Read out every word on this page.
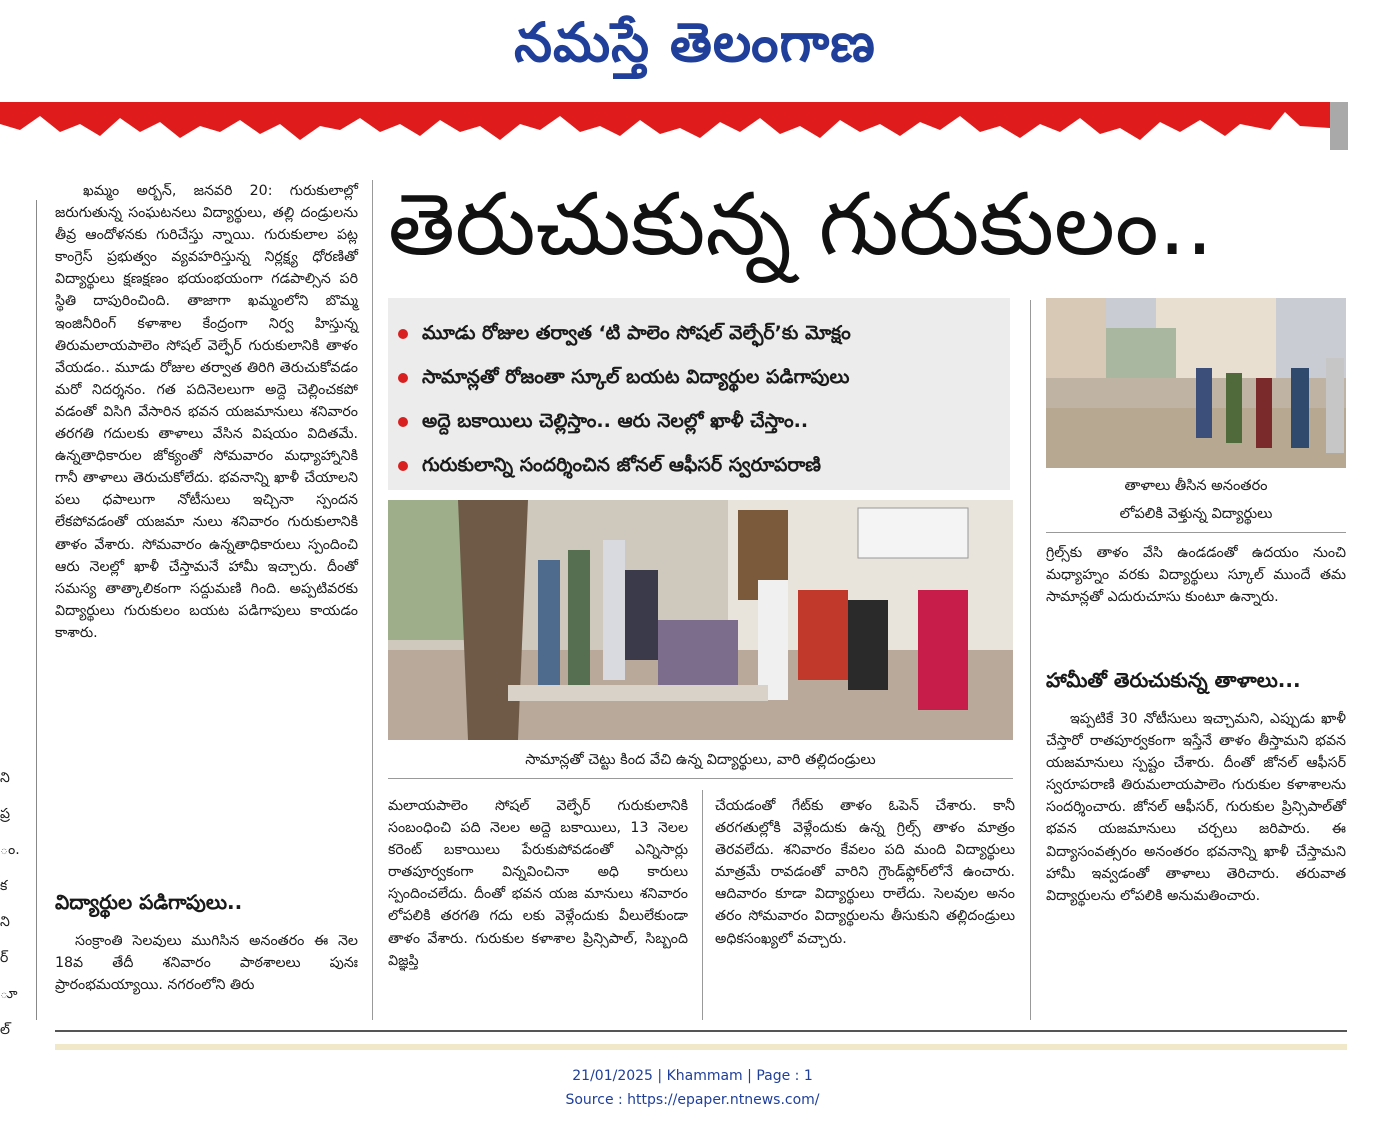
నమస్తే తెలంగాణ
ని
ప్ర
ం.
క
ని
ర్
ూ
ల్

ఖమ్మం అర్బన్, జనవరి 20: గురుకులాల్లో జరుగుతున్న సంఘటనలు విద్యార్థులు, తల్లి దండ్రులను తీవ్ర ఆందోళనకు గురిచేస్తు న్నాయి. గురుకులాల పట్ల కాంగ్రెస్ ప్రభుత్వం వ్యవహరిస్తున్న నిర్లక్ష్య ధోరణితో విద్యార్థులు క్షణక్షణం భయంభయంగా గడపాల్సిన పరి స్థితి దాపురించింది. తాజాగా ఖమ్మంలోని బొమ్మ ఇంజినీరింగ్ కళాశాల కేంద్రంగా నిర్వ హిస్తున్న తిరుమలాయపాలెం సోషల్ వెల్ఫేర్ గురుకులానికి తాళం వేయడం.. మూడు రోజుల తర్వాత తిరిగి తెరుచుకోవడం మరో నిదర్శనం. గత పదినెలలుగా అద్దె చెల్లించకపో వడంతో విసిగి వేసారిన భవన యజమానులు శనివారం తరగతి గదులకు తాళాలు వేసిన విషయం విదితమే. ఉన్నతాధికారుల జోక్యంతో సోమవారం మధ్యాహ్నానికి గానీ తాళాలు తెరుచుకోలేదు. భవనాన్ని ఖాళీ చేయాలని పలు ధపాలుగా నోటీసులు ఇచ్చినా స్పందన లేకపోవడంతో యజమా నులు శనివారం గురుకులానికి తాళం వేశారు. సోమవారం ఉన్నతాధికారులు స్పందించి ఆరు నెలల్లో ఖాళీ చేస్తామనే హామీ ఇచ్చారు. దీంతో సమస్య తాత్కాలికంగా సద్దుమణి గింది. అప్పటివరకు విద్యార్థులు గురుకులం బయట పడిగాపులు కాయడం కాశారు.

విద్యార్థుల పడిగాపులు..

సంక్రాంతి సెలవులు ముగిసిన అనంతరం ఈ నెల 18వ తేదీ శనివారం పాఠశాలలు పునః ప్రారంభమయ్యాయి. నగరంలోని తిరు

తెరుచుకున్న గురుకులం..
మూడు రోజుల తర్వాత ‘టి పాలెం సోషల్ వెల్ఫేర్’కు మోక్షం
సామాన్లతో రోజంతా స్కూల్ బయట విద్యార్థుల పడిగాపులు
అద్దె బకాయిలు చెల్లిస్తాం.. ఆరు నెలల్లో ఖాళీ చేస్తాం..
గురుకులాన్ని సందర్శించిన జోనల్ ఆఫీసర్ స్వరూపరాణి
సామాన్లతో చెట్టు కింద వేచి ఉన్న విద్యార్థులు, వారి తల్లిదండ్రులు
తాళాలు తీసిన అనంతరం
లోపలికి వెళ్తున్న విద్యార్థులు

మలాయపాలెం సోషల్ వెల్ఫేర్ గురుకులానికి సంబంధించి పది నెలల అద్దె బకాయిలు, 13 నెలల కరెంట్ బకాయిలు పేరుకుపోవడంతో ఎన్నిసార్లు రాతపూర్వకంగా విన్నవించినా అధి కారులు స్పందించలేదు. దీంతో భవన యజ మానులు శనివారం లోపలికి తరగతి గదు లకు వెళ్లేందుకు వీలులేకుండా తాళం వేశారు. గురుకుల కళాశాల ప్రిన్సిపాల్, సిబ్బంది విజ్ఞప్తి

చేయడంతో గేట్‌కు తాళం ఓపెన్ చేశారు. కానీ తరగతుల్లోకి వెళ్లేందుకు ఉన్న గ్రిల్స్ తాళం మాత్రం తెరవలేదు. శనివారం కేవలం పది మంది విద్యార్థులు మాత్రమే రావడంతో వారిని గ్రౌండ్‌ఫ్లోర్‌లోనే ఉంచారు. ఆదివారం కూడా విద్యార్థులు రాలేదు. సెలవుల అనం తరం సోమవారం విద్యార్థులను తీసుకుని తల్లిదండ్రులు అధికసంఖ్యలో వచ్చారు.

గ్రిల్స్‌కు తాళం వేసి ఉండడంతో ఉదయం నుంచి మధ్యాహ్నం వరకు విద్యార్థులు స్కూల్ ముందే తమ సామాన్లతో ఎదురుచూసు కుంటూ ఉన్నారు.

హామీతో తెరుచుకున్న తాళాలు...

ఇప్పటికే 30 నోటీసులు ఇచ్చామని, ఎప్పుడు ఖాళీ చేస్తారో రాతపూర్వకంగా ఇస్తేనే తాళం తీస్తామని భవన యజమానులు స్పష్టం చేశారు. దీంతో జోనల్ ఆఫీసర్ స్వరూపరాణి తిరుమలాయపాలెం గురుకుల కళాశాలను సందర్శించారు. జోనల్ ఆఫీసర్, గురుకుల ప్రిన్సిపాల్‌తో భవన యజమానులు చర్చలు జరిపారు. ఈ విద్యాసంవత్సరం అనంతరం భవనాన్ని ఖాళీ చేస్తామని హామీ ఇవ్వడంతో తాళాలు తెరిచారు. తరువాత విద్యార్థులను లోపలికి అనుమతించారు.

21/01/2025 | Khammam | Page : 1
Source : https://epaper.ntnews.com/
